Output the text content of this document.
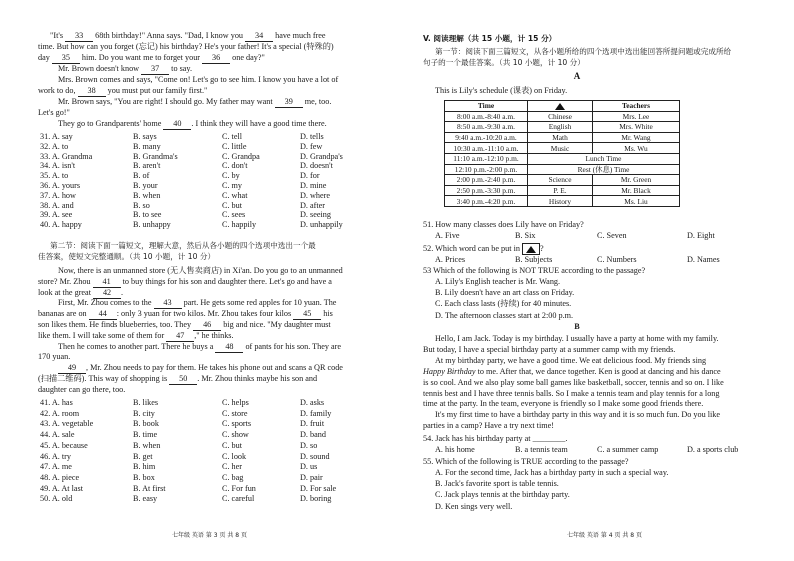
"It's 33 68th birthday!" Anna says. "Dad, I know you 34 have much free
time. But how can you forget (忘记) his birthday? He's your father! It's a special (特殊的)
day 35 him. Do you want me to forget your 36 one day?"
Mr. Brown doesn't know 37 to say.
Mrs. Brown comes and says, "Come on! Let's go to see him. I know you have a lot of
work to do, 38 you must put our family first."
Mr. Brown says, "You are right! I should go. My father may want 39 me, too.
Let's go!"
They go to Grandparents' home 40 . I think they will have a good time there.
31. A. say	B. says	C. tell	D. tells
32. A. to	B. many	C. little	D. few
33. A. Grandma	B. Grandma's	C. Grandpa	D. Grandpa's
34. A. isn't	B. aren't	C. don't	D. doesn't
35. A. to	B. of	C. by	D. for
36. A. yours	B. your	C. my	D. mine
37. A. how	B. when	C. what	D. where
38. A. and	B. so	C. but	D. after
39. A. see	B. to see	C. sees	D. seeing
40. A. happy	B. unhappy	C. happily	D. unhappily
第二节：阅读下面一篇短文，理解大意，然后从各小题的四个选项中选出一个最
佳答案，使短文完整通顺。（共 10 小题，计 10 分）
Now, there is an unmanned store (无人售卖商店) in Xi'an. Do you go to an unmanned
store? Mr. Zhou 41 to buy things for his son and daughter there. Let's go and have a
look at the great 42 .
First, Mr. Zhou comes to the 43 part. He gets some red apples for 10 yuan. The
bananas are on 44 : only 3 yuan for two kilos. Mr. Zhou takes four kilos 45 his
son likes them. He finds blueberries, too. They 46 big and nice. "My daughter must
like them. I will take some of them for 47 ," he thinks.
Then he comes to another part. There he buys a 48 of pants for his son. They are
170 yuan.
49 , Mr. Zhou needs to pay for them. He takes his phone out and scans a QR code
(扫描二维码). This way of shopping is 50 . Mr. Zhou thinks maybe his son and
daughter can go there, too.
41. A. has	B. likes	C. helps	D. asks
42. A. room	B. city	C. store	D. family
43. A. vegetable	B. book	C. sports	D. fruit
44. A. sale	B. time	C. show	D. band
45. A. because	B. when	C. but	D. so
46. A. try	B. get	C. look	D. sound
47. A. me	B. him	C. her	D. us
48. A. piece	B. box	C. bag	D. pair
49. A. At last	B. At first	C. For fun	D. For sale
50. A. old	B. easy	C. careful	D. boring
七年级 英语 第 3 页 共 8 页
V. 阅读理解（共 15 小题，计 15 分）
第一节：阅读下面三篇短文，从各小题所给的四个选项中选出能回答所提问题或完成所给
句子的一个最佳答案。（共 10 小题，计 10 分）
A
This is Lily's schedule (课表) on Friday.
Time		Teachers
8:00 a.m.-8:40 a.m.	Chinese	Mrs. Lee
8:50 a.m.-9:30 a.m.	English	Mrs. White
9:40 a.m.-10:20 a.m.	Math	Mr. Wang
10:30 a.m.-11:10 a.m.	Music	Ms. Wu
11:10 a.m.-12:10 p.m.	Lunch Time	
12:10 p.m.-2:00 p.m.	Rest (休息) Time	
2:00 p.m.-2:40 p.m.	Science	Mr. Green
2:50 p.m.-3:30 p.m.	P. E.	Mr. Black
3:40 p.m.-4:20 p.m.	History	Ms. Liu
51. How many classes does Lily have on Friday?
A. Five	B. Six	C. Seven	D. Eight
52. Which word can be put in ?
A. Prices	B. Subjects	C. Numbers	D. Names
53 Which of the following is NOT TRUE according to the passage?
A. Lily's English teacher is Mr. Wang.
B. Lily doesn't have an art class on Friday.
C. Each class lasts (持续) for 40 minutes.
D. The afternoon classes start at 2:00 p.m.
B
Hello, I am Jack. Today is my birthday. I usually have a party at home with my family.
But today, I have a special birthday party at a summer camp with my friends.
At my birthday party, we have a good time. We eat delicious food. My friends sing
Happy Birthday to me. After that, we dance together. Ken is good at dancing and his dance
is so cool. And we also play some ball games like basketball, soccer, tennis and so on. I like
tennis best and I have three tennis balls. So I make a tennis team and play tennis for a long
time at the party. In the team, everyone is friendly so I make some good friends there.
It's my first time to have a birthday party in this way and it is so much fun. Do you like
parties in a camp? Have a try next time!
54. Jack has his birthday party at ________.
A. his home	B. a tennis team	C. a summer camp	D. a sports club
55. Which of the following is TRUE according to the passage?
A. For the second time, Jack has a birthday party in such a special way.
B. Jack's favorite sport is table tennis.
C. Jack plays tennis at the birthday party.
D. Ken sings very well.
七年级 英语 第 4 页 共 8 页
